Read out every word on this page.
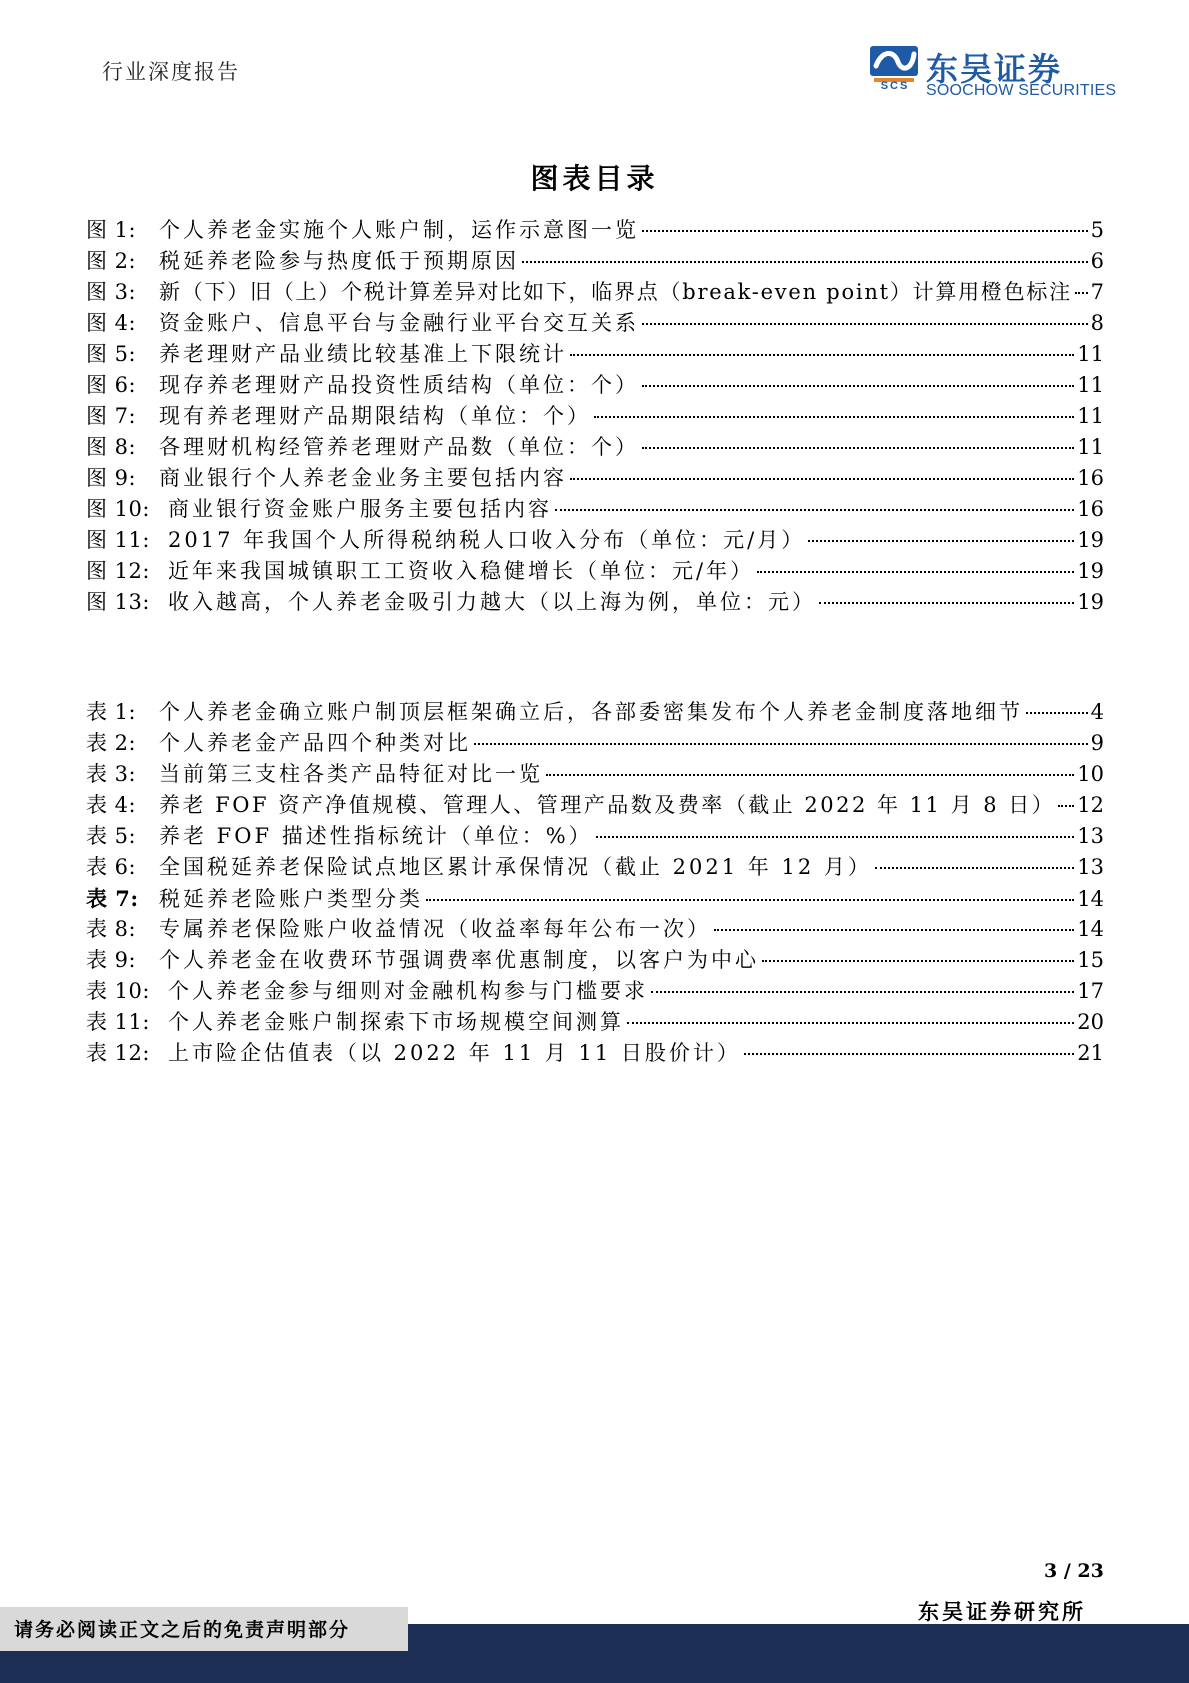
行业深度报告
SCS 东吴证券
SOOCHOW SECURITIES
图表目录
图 1:	个人养老金实施个人账户制，运作示意图一览	5
图 2:	税延养老险参与热度低于预期原因	6
图 3:	新（下）旧（上）个税计算差异对比如下，临界点（break-even point）计算用橙色标注 7
图 4:	资金账户、信息平台与金融行业平台交互关系	8
图 5:	养老理财产品业绩比较基准上下限统计	11
图 6:	现存养老理财产品投资性质结构（单位：个）	11
图 7:	现有养老理财产品期限结构（单位：个）	11
图 8:	各理财机构经管养老理财产品数（单位：个）	11
图 9:	商业银行个人养老金业务主要包括内容	16
图 10: 商业银行资金账户服务主要包括内容	16
图 11: 2017 年我国个人所得税纳税人口收入分布（单位：元/月）	19
图 12: 近年来我国城镇职工工资收入稳健增长（单位：元/年）	19
图 13: 收入越高，个人养老金吸引力越大（以上海为例，单位：元）	19
表 1:	个人养老金确立账户制顶层框架确立后，各部委密集发布个人养老金制度落地细节	4
表 2:	个人养老金产品四个种类对比	9
表 3:	当前第三支柱各类产品特征对比一览	10
表 4:	养老 FOF 资产净值规模、管理人、管理产品数及费率（截止 2022 年 11 月 8 日） 12
表 5:	养老 FOF 描述性指标统计（单位：%）	13
表 6:	全国税延养老保险试点地区累计承保情况（截止 2021 年 12 月）	13
表 7: 税延养老险账户类型分类	14
表 8:	专属养老保险账户收益情况（收益率每年公布一次）	14
表 9:	个人养老金在收费环节强调费率优惠制度，以客户为中心	15
表 10: 个人养老金参与细则对金融机构参与门槛要求	17
表 11: 个人养老金账户制探索下市场规模空间测算	20
表 12: 上市险企估值表（以 2022 年 11 月 11 日股价计）	21
3 / 23
东吴证券研究所
请务必阅读正文之后的免责声明部分
